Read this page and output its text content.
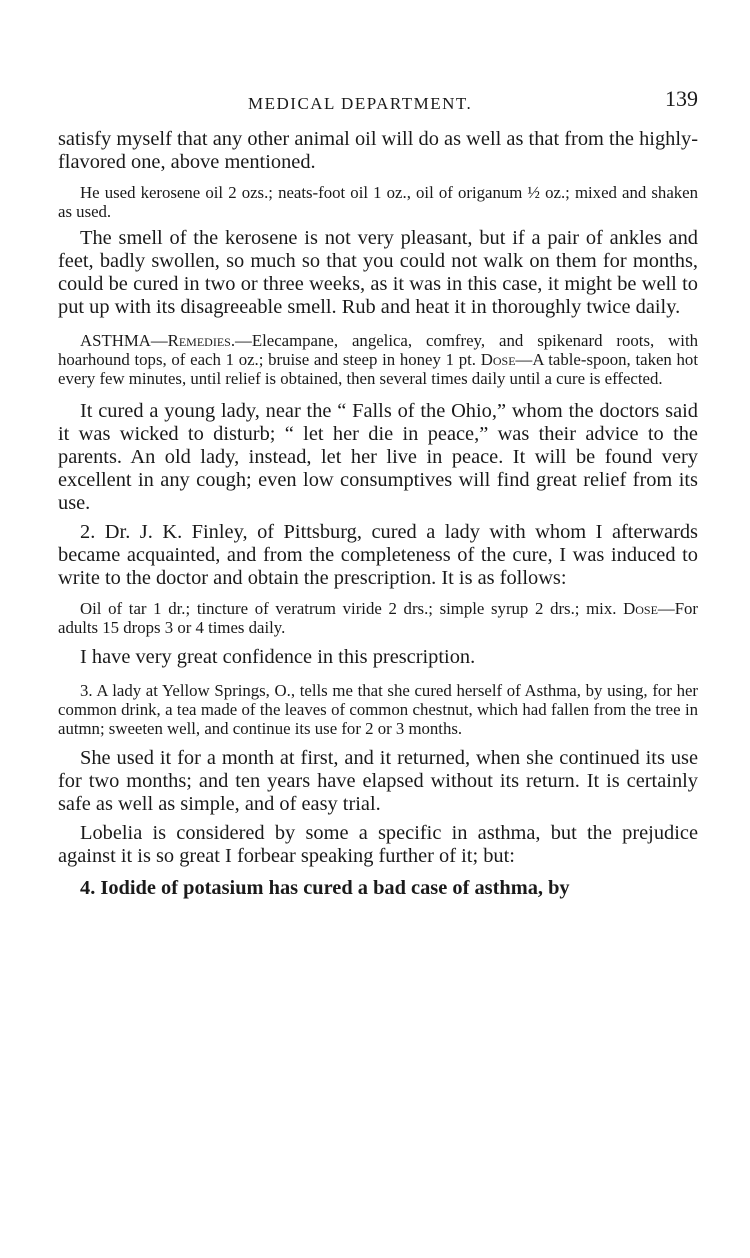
MEDICAL DEPARTMENT.	139

satisfy myself that any other animal oil will do as well as that from the highly-flavored one, above mentioned.

He used kerosene oil 2 ozs.; neats-foot oil 1 oz., oil of origanum ½ oz.; mixed and shaken as used.

The smell of the kerosene is not very pleasant, but if a pair of ankles and feet, badly swollen, so much so that you could not walk on them for months, could be cured in two or three weeks, as it was in this case, it might be well to put up with its disagreeable smell. Rub and heat it in thoroughly twice daily.

ASTHMA—Remedies.—Elecampane, angelica, comfrey, and spikenard roots, with hoarhound tops, of each 1 oz.; bruise and steep in honey 1 pt. Dose—A table-spoon, taken hot every few minutes, until relief is obtained, then several times daily until a cure is effected.

It cured a young lady, near the “ Falls of the Ohio,” whom the doctors said it was wicked to disturb; “ let her die in peace,” was their advice to the parents. An old lady, instead, let her live in peace. It will be found very excellent in any cough; even low consumptives will find great relief from its use.

2. Dr. J. K. Finley, of Pittsburg, cured a lady with whom I afterwards became acquainted, and from the completeness of the cure, I was induced to write to the doctor and obtain the prescription. It is as follows:

Oil of tar 1 dr.; tincture of veratrum viride 2 drs.; simple syrup 2 drs.; mix. Dose—For adults 15 drops 3 or 4 times daily.

I have very great confidence in this prescription.

3. A lady at Yellow Springs, O., tells me that she cured herself of Asthma, by using, for her common drink, a tea made of the leaves of common chestnut, which had fallen from the tree in autmn; sweeten well, and continue its use for 2 or 3 months.

She used it for a month at first, and it returned, when she continued its use for two months; and ten years have elapsed without its return. It is certainly safe as well as simple, and of easy trial.

Lobelia is considered by some a specific in asthma, but the prejudice against it is so great I forbear speaking further of it; but:

4. Iodide of potasium has cured a bad case of asthma, by
